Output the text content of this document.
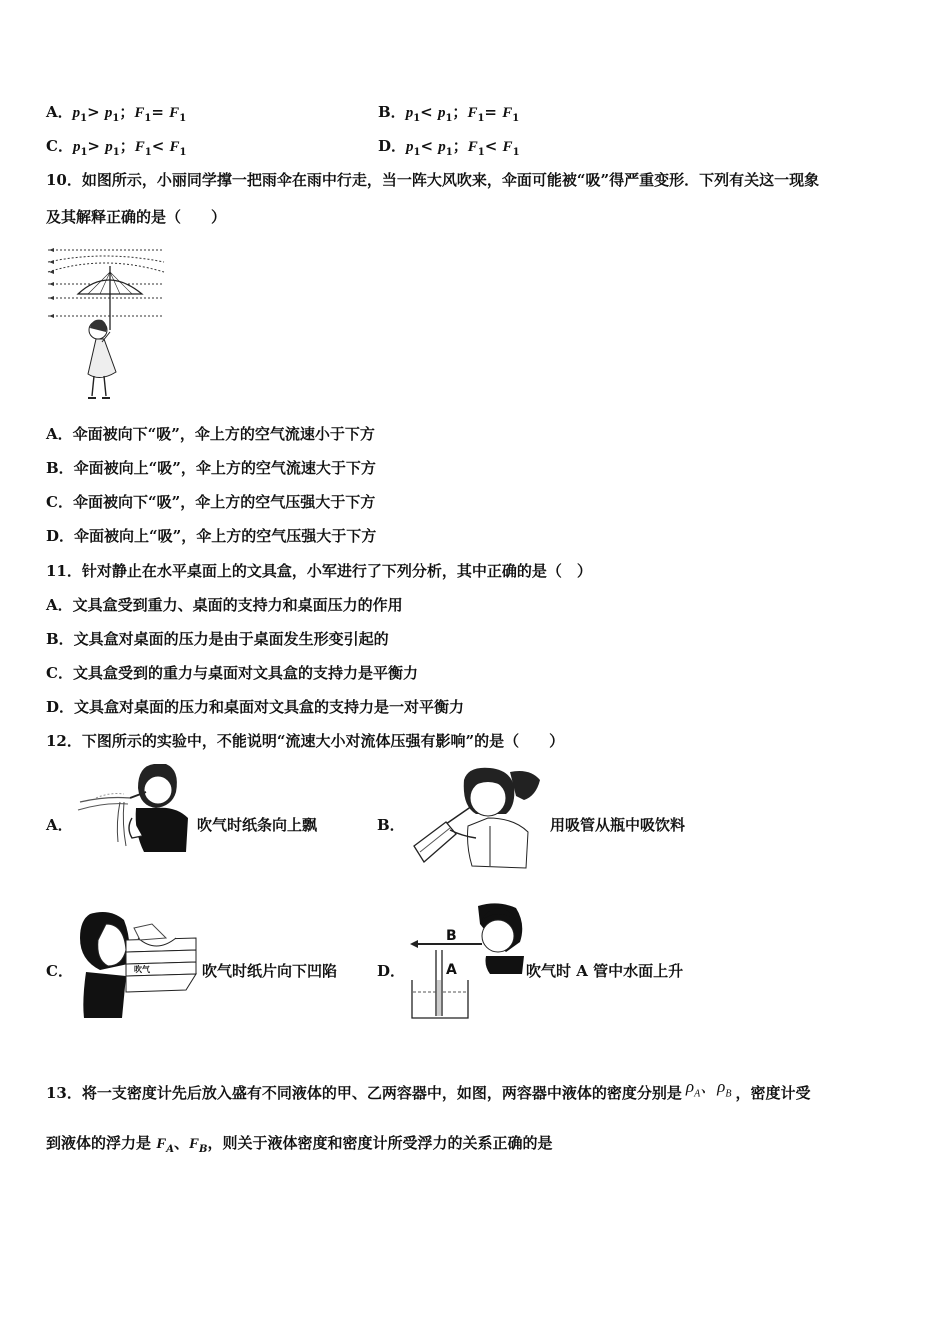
A．$p_1> p_1$；$F_1= F_1$	B．$p_1< p_1$；$F_1= F_1$
C．$p_1> p_1$；$F_1< F_1$	D．$p_1< p_1$；$F_1< F_1$
10．如图所示，小丽同学撑一把雨伞在雨中行走，当一阵大风吹来，伞面可能被“吸”得严重变形．下列有关这一现象
及其解释正确的是（　　）
A．伞面被向下“吸”，伞上方的空气流速小于下方
B．伞面被向上“吸”，伞上方的空气流速大于下方
C．伞面被向下“吸”，伞上方的空气压强大于下方
D．伞面被向上“吸”，伞上方的空气压强大于下方
11．针对静止在水平桌面上的文具盒，小军进行了下列分析，其中正确的是（　）
A．文具盒受到重力、桌面的支持力和桌面压力的作用
B．文具盒对桌面的压力是由于桌面发生形变引起的
C．文具盒受到的重力与桌面对文具盒的支持力是平衡力
D．文具盒对桌面的压力和桌面对文具盒的支持力是一对平衡力
12．下图所示的实验中，不能说明“流速大小对流体压强有影响”的是（　　）
A．	吹气时纸条向上飘	B．	用吸管从瓶中吸饮料
C．	吹气	吹气时纸片向下凹陷	D．
B
A	吹气时 A 管中水面上升
13．将一支密度计先后放入盛有不同液体的甲、乙两容器中，如图，两容器中液体的密度分别是 $\rho_A$、$\rho_B$ ，密度计受
到液体的浮力是 $F_A$、$F_B$，则关于液体密度和密度计所受浮力的关系正确的是
